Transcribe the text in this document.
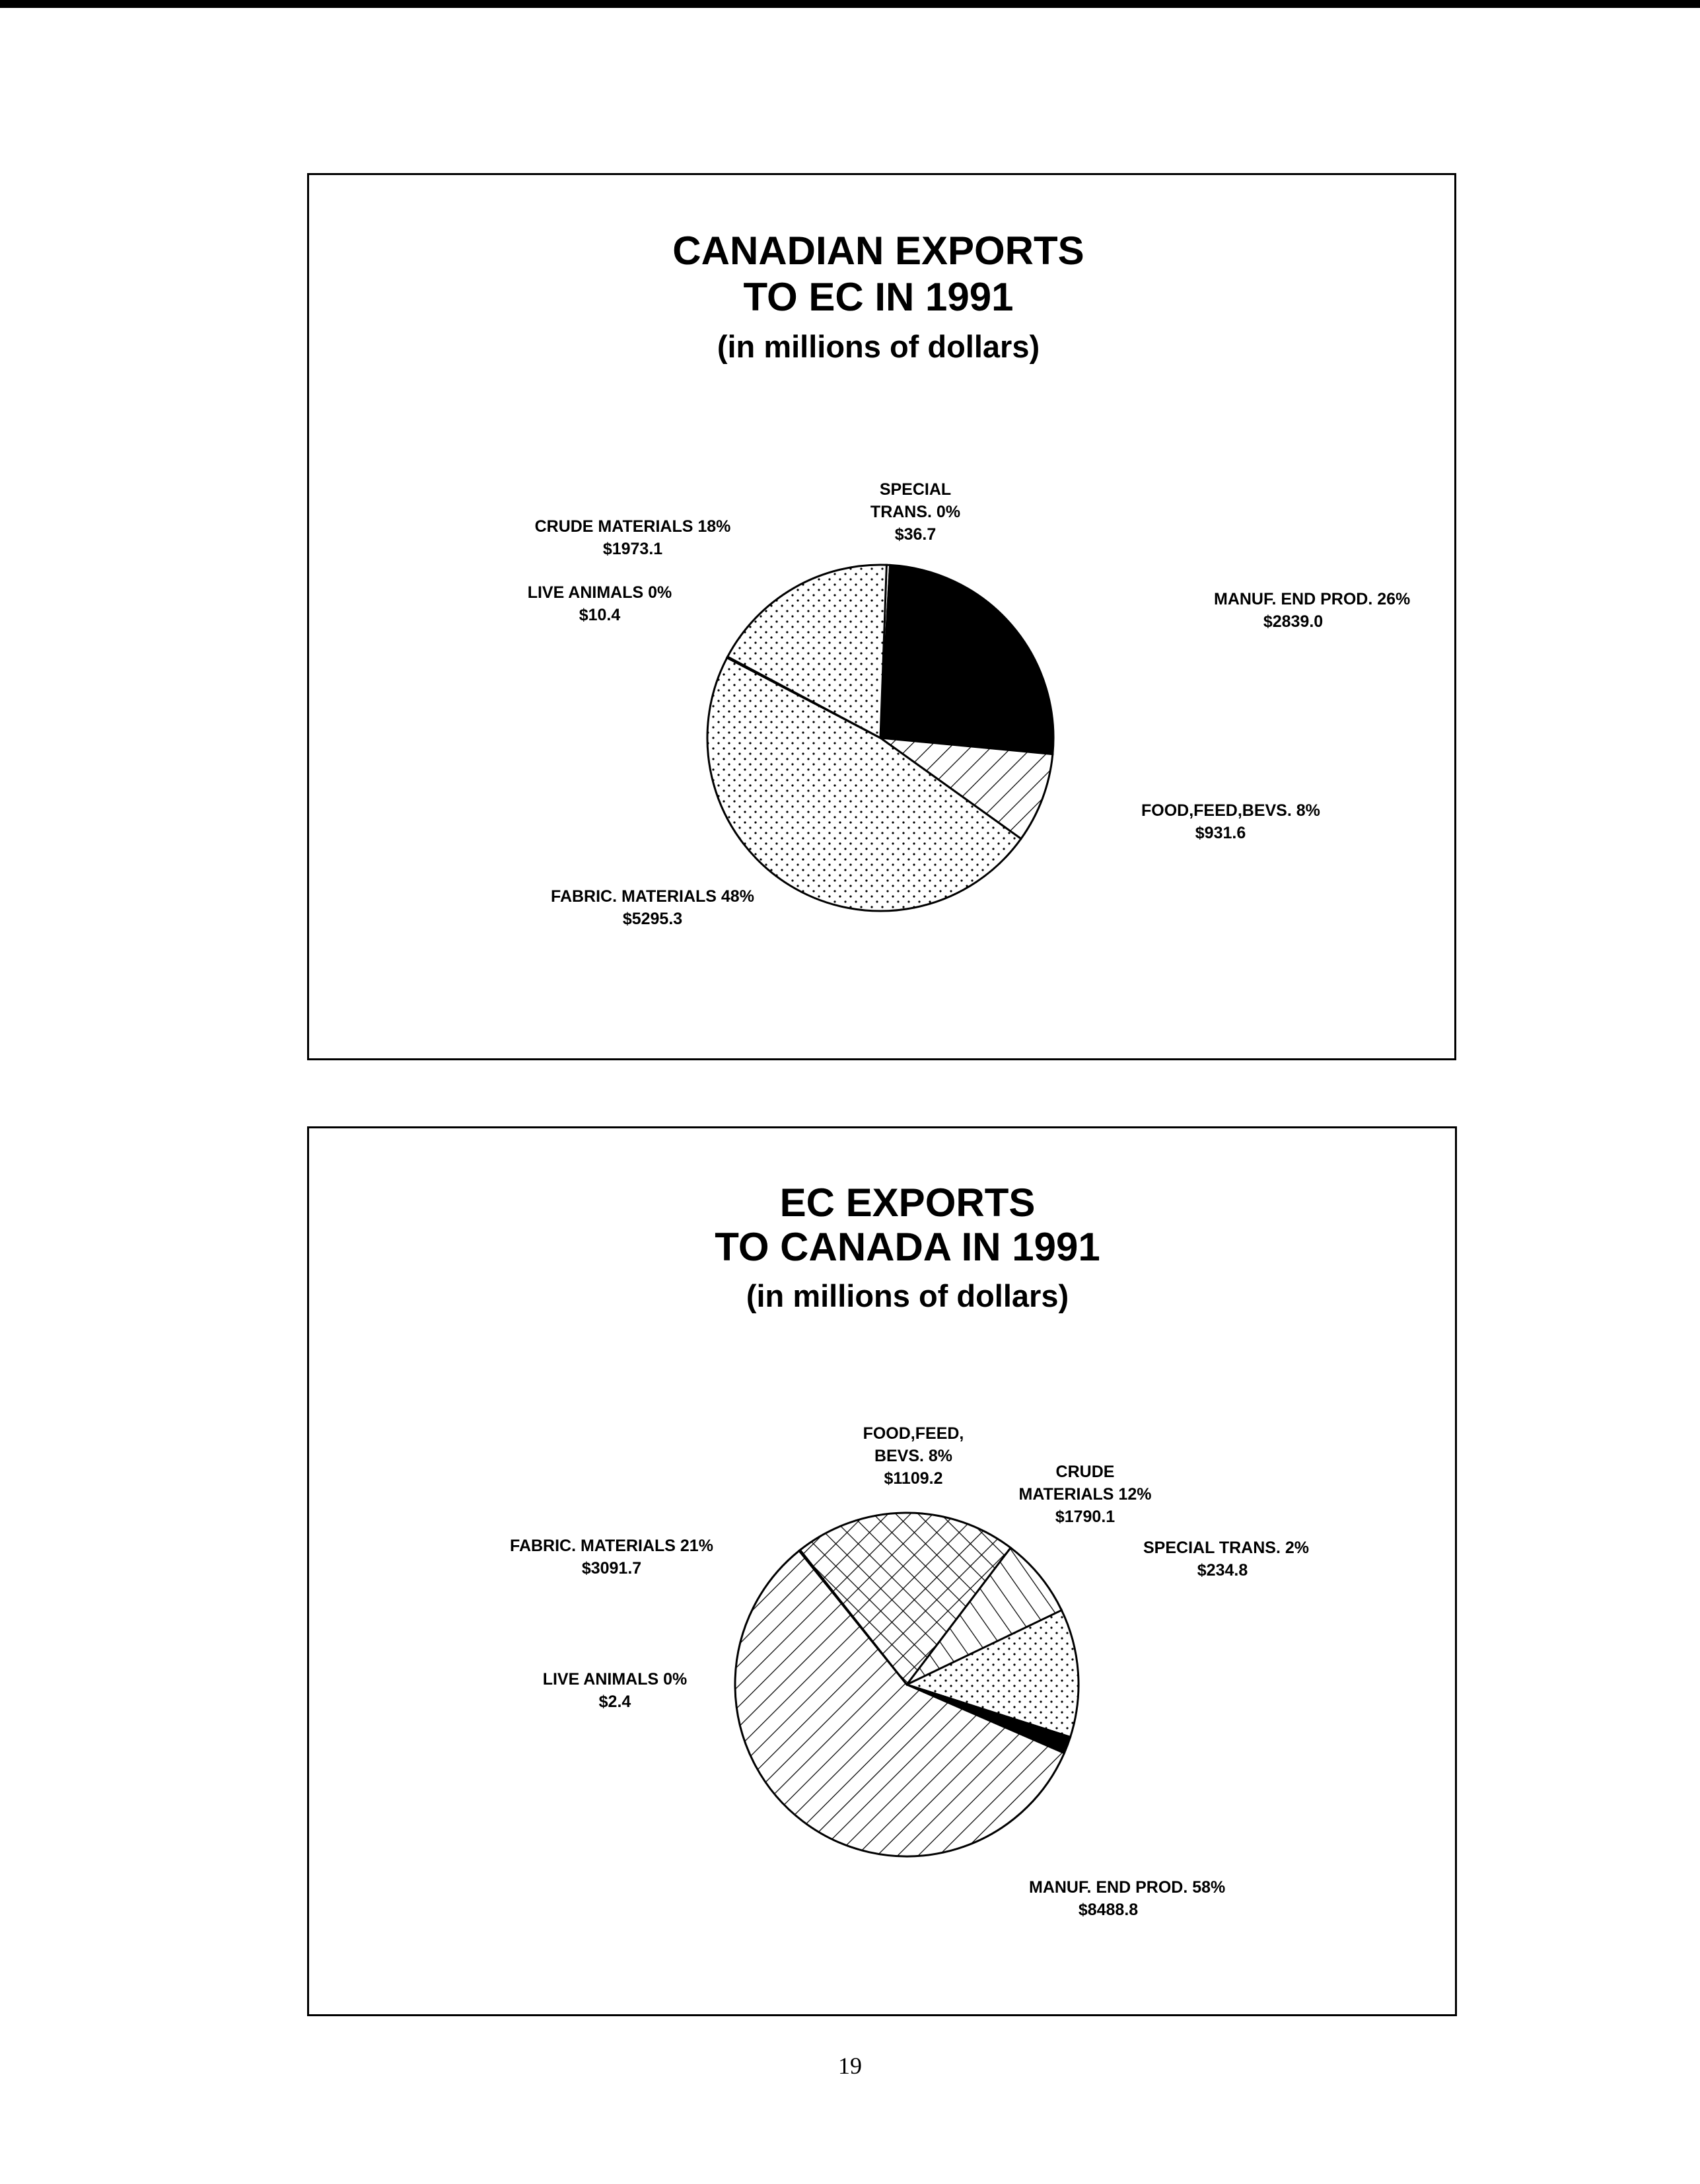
CANADIAN EXPORTS
TO EC IN 1991
(in millions of dollars)
SPECIAL
TRANS. 0%
$36.7
MANUF. END PROD. 26%
$2839.0
FOOD,FEED,BEVS. 8%
$931.6
FABRIC. MATERIALS 48%
$5295.3
LIVE ANIMALS 0%
$10.4
CRUDE MATERIALS 18%
$1973.1
EC EXPORTS
TO CANADA IN 1991
(in millions of dollars)
CRUDE
MATERIALS 12%
$1790.1
SPECIAL TRANS. 2%
$234.8
MANUF. END PROD. 58%
$8488.8
LIVE ANIMALS 0%
$2.4
FABRIC. MATERIALS 21%
$3091.7
FOOD,FEED,
BEVS. 8%
$1109.2
19
